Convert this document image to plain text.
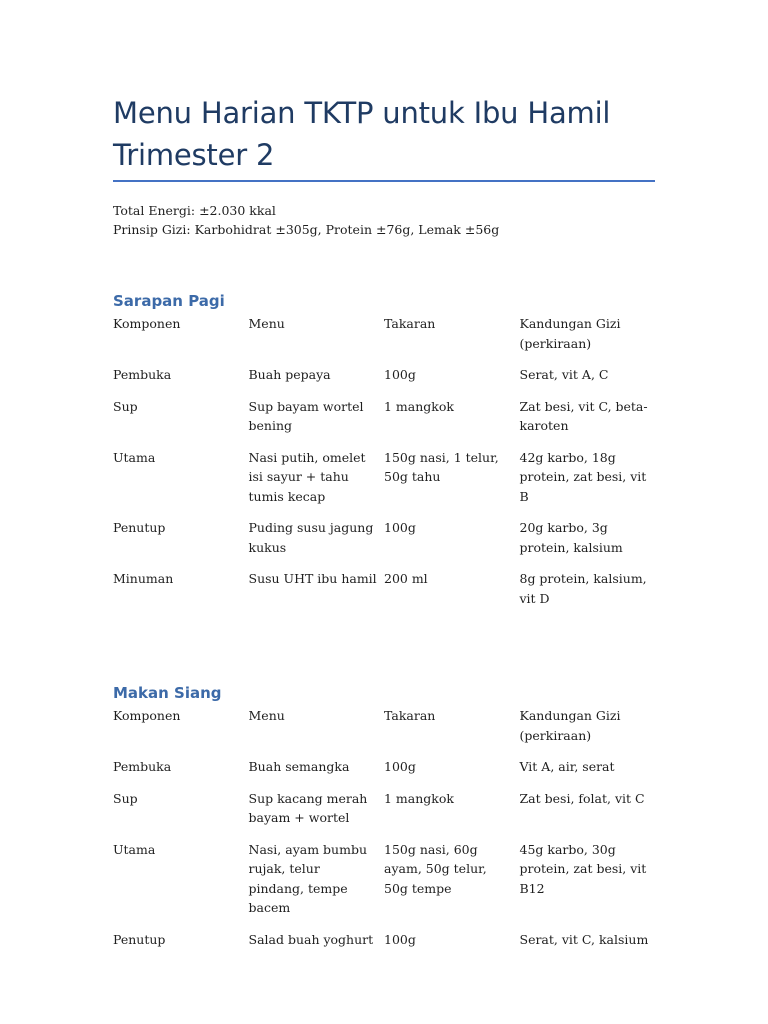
Menu Harian TKTP untuk Ibu Hamil Trimester 2
Total Energi: ±2.030 kkal
Prinsip Gizi: Karbohidrat ±305g, Protein ±76g, Lemak ±56g
Sarapan Pagi
Komponen	Menu	Takaran	Kandungan Gizi (perkiraan)
Pembuka	Buah pepaya	100g	Serat, vit A, C
Sup	Sup bayam wortel bening	1 mangkok	Zat besi, vit C, beta-karoten
Utama	Nasi putih, omelet isi sayur + tahu tumis kecap	150g nasi, 1 telur, 50g tahu	42g karbo, 18g protein, zat besi, vit B
Penutup	Puding susu jagung kukus	100g	20g karbo, 3g protein, kalsium
Minuman	Susu UHT ibu hamil	200 ml	8g protein, kalsium, vit D
Makan Siang
Komponen	Menu	Takaran	Kandungan Gizi (perkiraan)
Pembuka	Buah semangka	100g	Vit A, air, serat
Sup	Sup kacang merah bayam + wortel	1 mangkok	Zat besi, folat, vit C
Utama	Nasi, ayam bumbu rujak, telur pindang, tempe bacem	150g nasi, 60g ayam, 50g telur, 50g tempe	45g karbo, 30g protein, zat besi, vit B12
Penutup	Salad buah yoghurt	100g	Serat, vit C, kalsium
